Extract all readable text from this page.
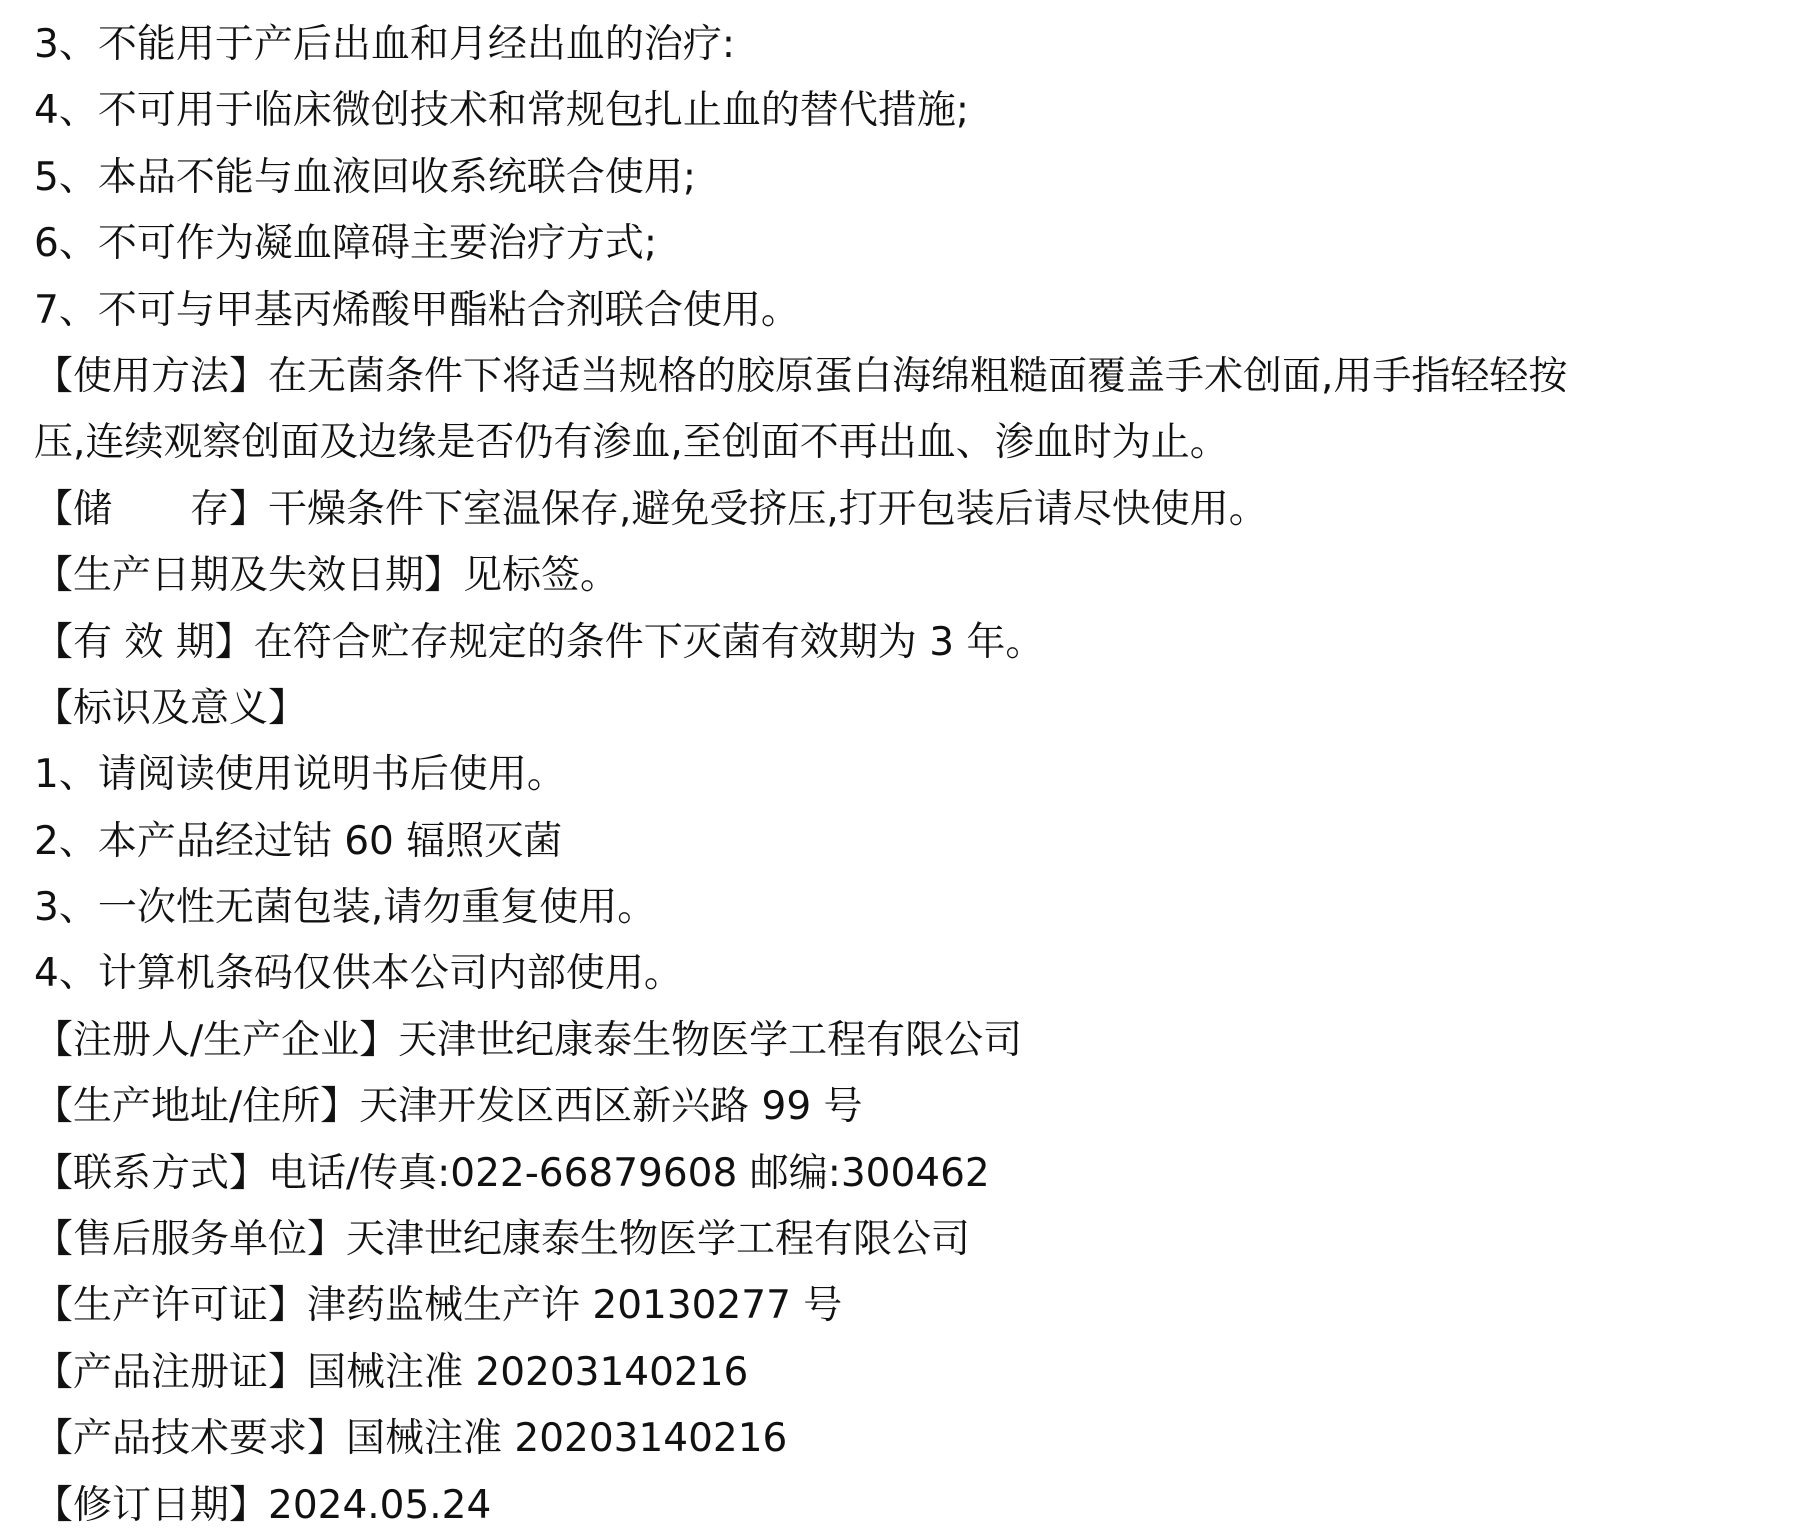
3、不能用于产后出血和月经出血的治疗:
4、不可用于临床微创技术和常规包扎止血的替代措施;
5、本品不能与血液回收系统联合使用;
6、不可作为凝血障碍主要治疗方式;
7、不可与甲基丙烯酸甲酯粘合剂联合使用。
【使用方法】在无菌条件下将适当规格的胶原蛋白海绵粗糙面覆盖手术创面,用手指轻轻按
压,连续观察创面及边缘是否仍有渗血,至创面不再出血、渗血时为止。
【储　　存】干燥条件下室温保存,避免受挤压,打开包装后请尽快使用。
【生产日期及失效日期】见标签。
【有 效 期】在符合贮存规定的条件下灭菌有效期为 3 年。
【标识及意义】
1、请阅读使用说明书后使用。
2、本产品经过钴 60 辐照灭菌
3、一次性无菌包装,请勿重复使用。
4、计算机条码仅供本公司内部使用。
【注册人/生产企业】天津世纪康泰生物医学工程有限公司
【生产地址/住所】天津开发区西区新兴路 99 号
【联系方式】电话/传真:022-66879608 邮编:300462
【售后服务单位】天津世纪康泰生物医学工程有限公司
【生产许可证】津药监械生产许 20130277 号
【产品注册证】国械注准 20203140216
【产品技术要求】国械注准 20203140216
【修订日期】2024.05.24
